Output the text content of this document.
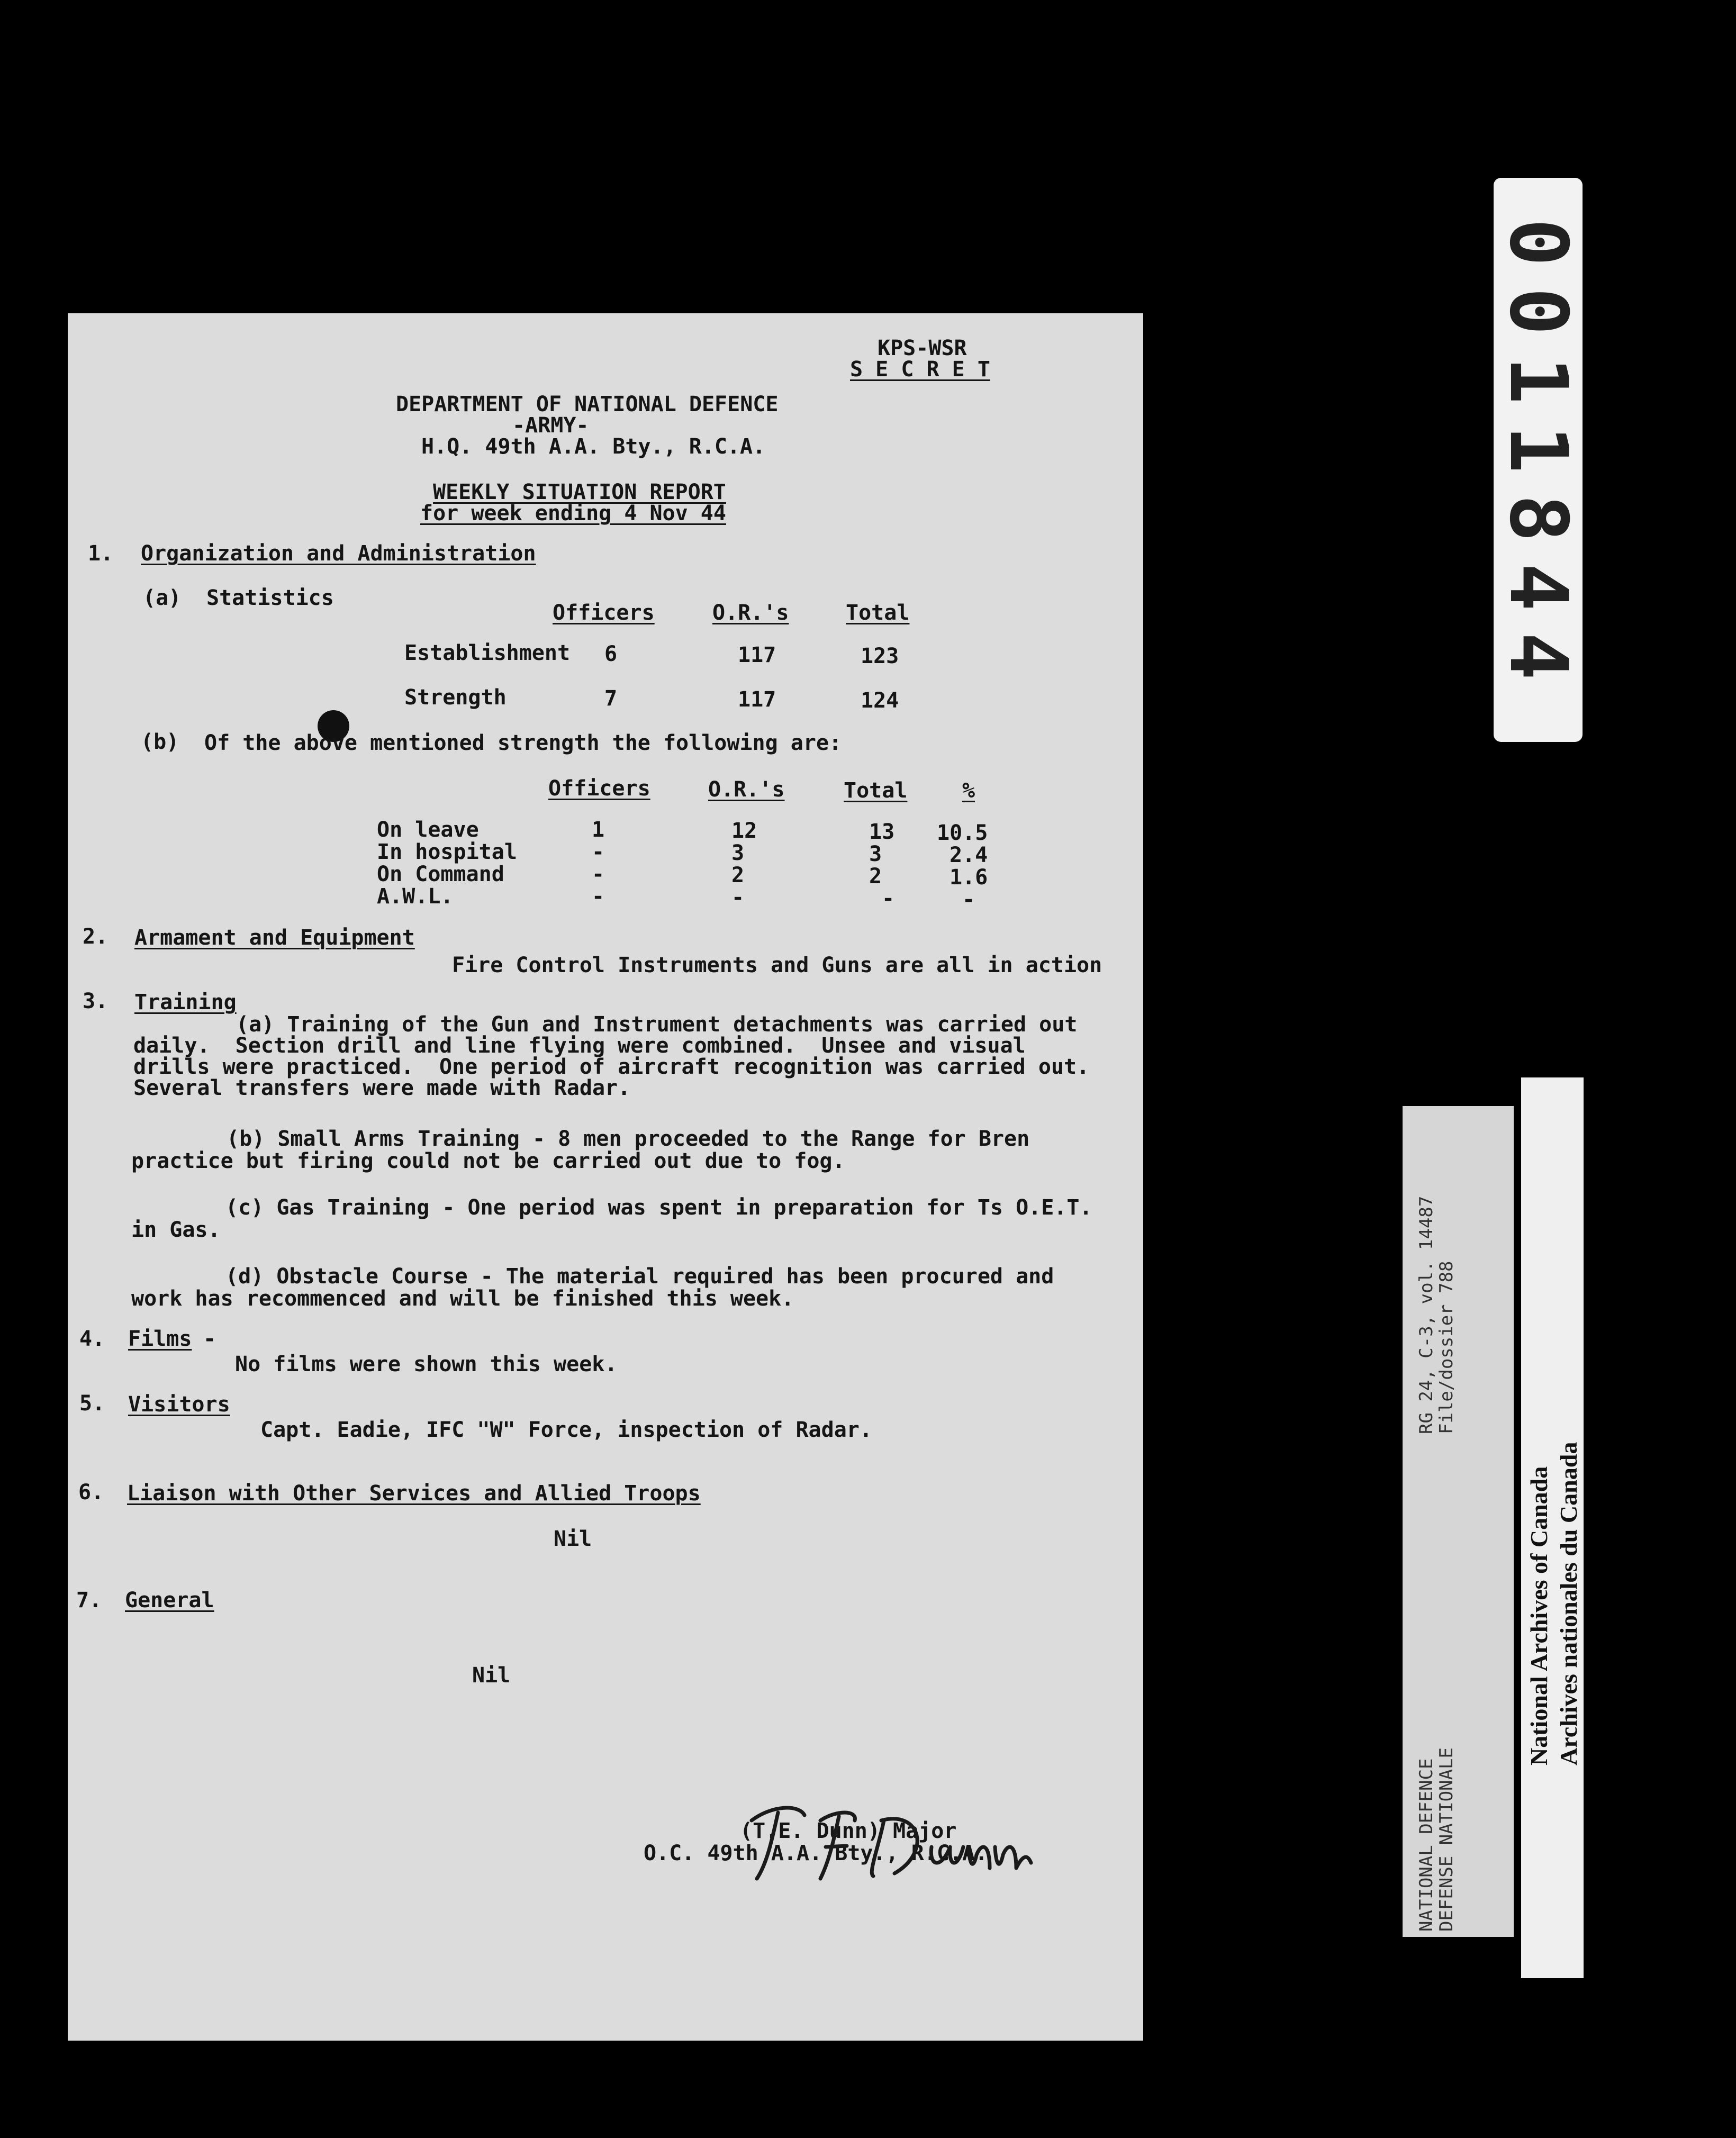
KPS-WSR
S E C R E T
DEPARTMENT OF NATIONAL DEFENCE
-ARMY-
H.Q. 49th A.A. Bty., R.C.A.
WEEKLY SITUATION REPORT
for week ending 4 Nov 44
1. Organization and Administration
(a) Statistics
Officers	O.R.'s	Total
Establishment 6	117	123
Strength	7	117	124
(b) Of the above mentioned strength the following are:
Officers	O.R.'s	Total	%
On leave	1	12	13 10.5
In hospital	-	3	3	2.4
On Command	-	2	2	1.6
A.W.L.	-	-	-	-
2. Armament and Equipment
Fire Control Instruments and Guns are all in action
3. Training
(a) Training of the Gun and Instrument detachments was carried out
daily.  Section drill and line flying were combined.  Unsee and visual
drills were practiced.  One period of aircraft recognition was carried out.
Several transfers were made with Radar.
(b) Small Arms Training - 8 men proceeded to the Range for Bren
practice but firing could not be carried out due to fog.
(c) Gas Training - One period was spent in preparation for Ts O.E.T.
in Gas.
(d) Obstacle Course - The material required has been procured and
work has recommenced and will be finished this week.
4. Films -
No films were shown this week.
5. Visitors
Capt. Eadie, IFC "W" Force, inspection of Radar.
6. Liaison with Other Services and Allied Troops
Nil
7. General
Nil
(T.E. Dunn) Major
O.C. 49th A.A. Bty., R.C.A.
0011844
RG 24, C-3, vol. 14487
File/dossier 788
NATIONAL DEFENCE
DEFENSE NATIONALE
National Archives of Canada Archives nationales du Canada
